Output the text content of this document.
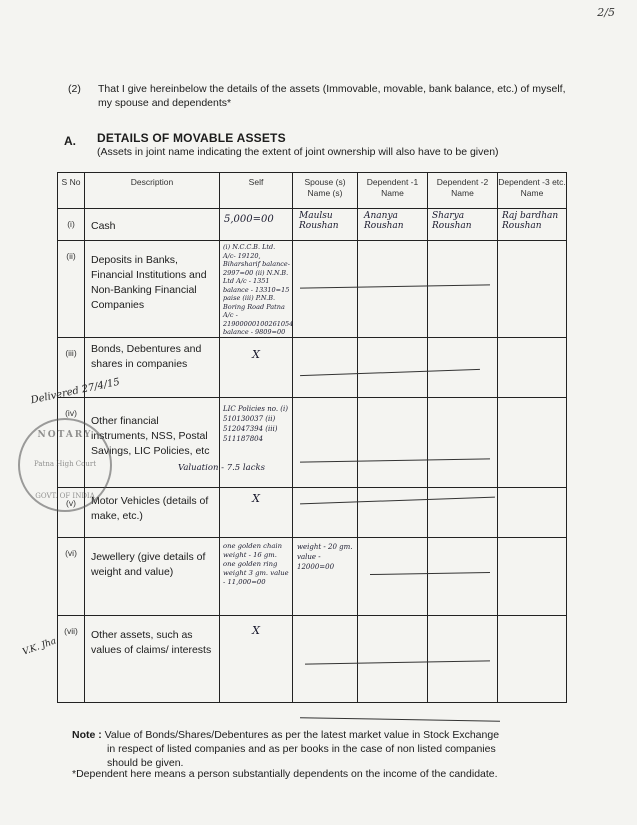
2/5
(2) That I give hereinbelow the details of the assets (Immovable, movable, bank balance, etc.) of myself, my spouse and dependents*
A. DETAILS OF MOVABLE ASSETS
(Assets in joint name indicating the extent of joint ownership will also have to be given)
S No	Description	Self	Spouse (s) Name (s)	Dependent -1 Name	Dependent -2 Name	Dependent -3 etc. Name
(i)	Cash	5,000=00	Maulsu Roushan	Ananya Roushan	Sharya Roushan	Raj bardhan Roushan

(ii)	Deposits in Banks, Financial Institutions and Non-Banking Financial Companies	(i) N.C.C.B. Ltd. A/c- 19120, Biharsharif balance-2997=00 (ii) N.N.B. Ltd A/c - 1351 balance - 13310=15 paise (iii) P.N.B. Boring Road Patna A/c - 21900000100261054 balance - 9809=00				

(iii)	Bonds, Debentures and shares in companies	X				

(iv)	Other financial instruments, NSS, Postal Savings, LIC Policies, etc	LIC Policies no. (i) 510130037 (ii) 512047394 (iii) 511187804				

(v)	Motor Vehicles (details of make, etc.)	X				

(vi)	Jewellery (give details of weight and value)	one golden chain weight - 16 gm. one golden ring weight 3 gm. value - 11,000=00	weight - 20 gm. value - 12000=00			

(vii)	Other assets, such as values of claims/ interests	X				

Valuation - 7.5 lacks
NOTARY
Patna High Court
GOVT. OF INDIA
Delivered 27/4/15
V.K. Jha
Note : Value of Bonds/Shares/Debentures as per the latest market value in Stock Exchange
in respect of listed companies and as per books in the case of non listed companies
should be given.
*Dependent here means a person substantially dependents on the income of the candidate.
